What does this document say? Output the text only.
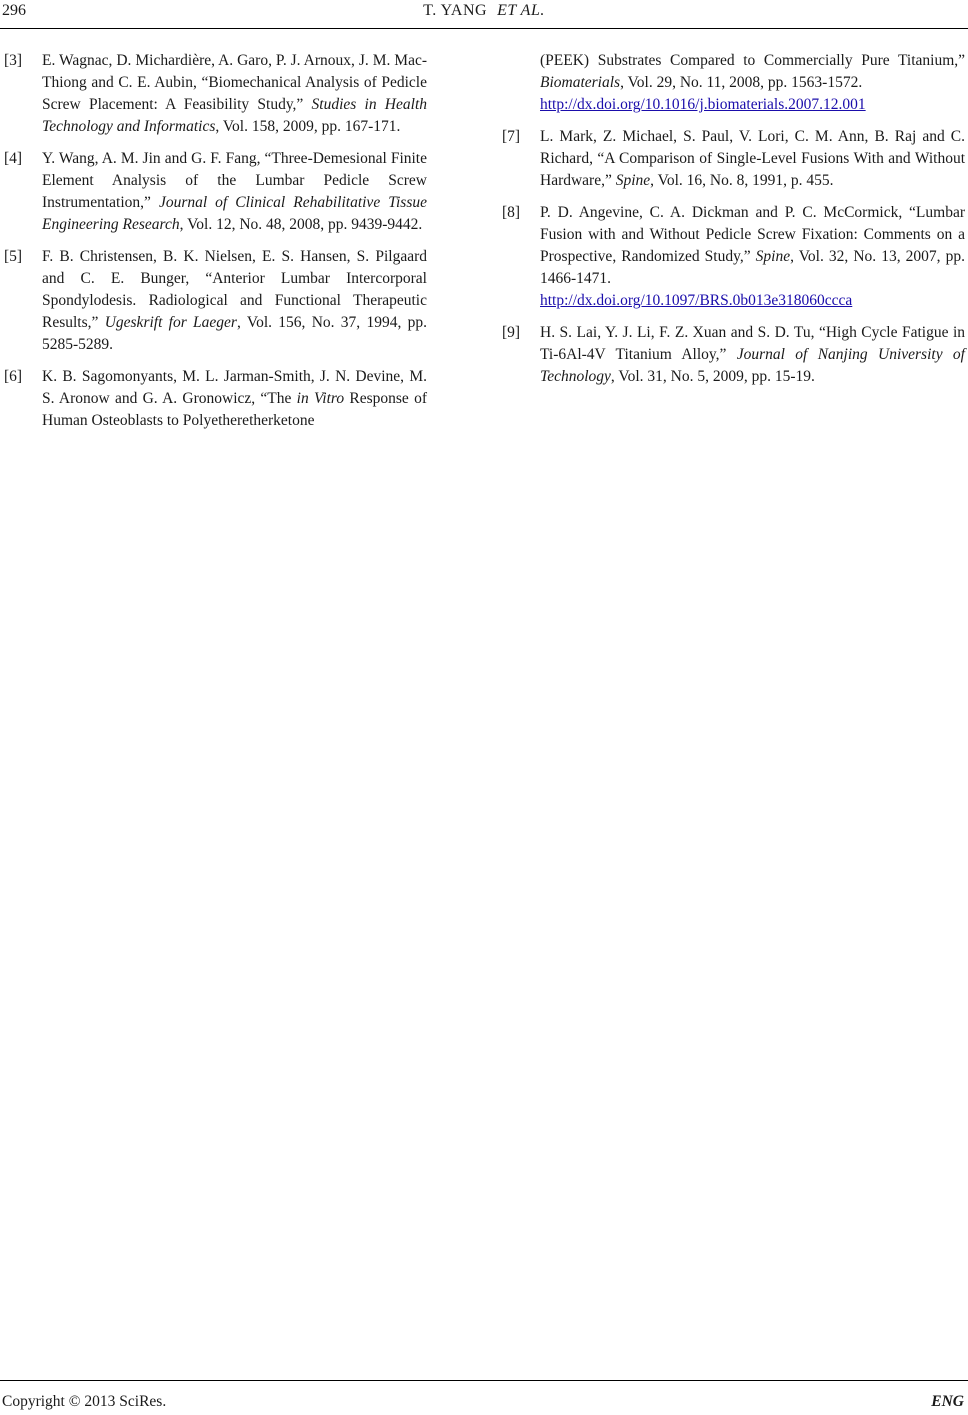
296	T. YANG ET AL.
[3] E. Wagnac, D. Michardière, A. Garo, P. J. Arnoux, J. M. Mac-Thiong and C. E. Aubin, “Biomechanical Analysis of Pedicle Screw Placement: A Feasibility Study,” Studies in Health Technology and Informatics, Vol. 158, 2009, pp. 167-171.
[4] Y. Wang, A. M. Jin and G. F. Fang, “Three-Demesional Finite Element Analysis of the Lumbar Pedicle Screw Instrumentation,” Journal of Clinical Rehabilitative Tissue Engineering Research, Vol. 12, No. 48, 2008, pp. 9439-9442.
[5] F. B. Christensen, B. K. Nielsen, E. S. Hansen, S. Pilgaard and C. E. Bunger, “Anterior Lumbar Intercorporal Spondylodesis. Radiological and Functional Therapeutic Results,” Ugeskrift for Laeger, Vol. 156, No. 37, 1994, pp. 5285-5289.
[6] K. B. Sagomonyants, M. L. Jarman-Smith, J. N. Devine, M. S. Aronow and G. A. Gronowicz, “The in Vitro Response of Human Osteoblasts to Polyetheretherketone
(PEEK) Substrates Compared to Commercially Pure Titanium,” Biomaterials, Vol. 29, No. 11, 2008, pp. 1563-1572.
http://dx.doi.org/10.1016/j.biomaterials.2007.12.001
[7] L. Mark, Z. Michael, S. Paul, V. Lori, C. M. Ann, B. Raj and C. Richard, “A Comparison of Single-Level Fusions With and Without Hardware,” Spine, Vol. 16, No. 8, 1991, p. 455.
[8] P. D. Angevine, C. A. Dickman and P. C. McCormick, “Lumbar Fusion with and Without Pedicle Screw Fixation: Comments on a Prospective, Randomized Study,” Spine, Vol. 32, No. 13, 2007, pp. 1466-1471.
http://dx.doi.org/10.1097/BRS.0b013e318060ccca
[9] H. S. Lai, Y. J. Li, F. Z. Xuan and S. D. Tu, “High Cycle Fatigue in Ti-6Al-4V Titanium Alloy,” Journal of Nanjing University of Technology, Vol. 31, No. 5, 2009, pp. 15-19.
Copyright © 2013 SciRes.	ENG
